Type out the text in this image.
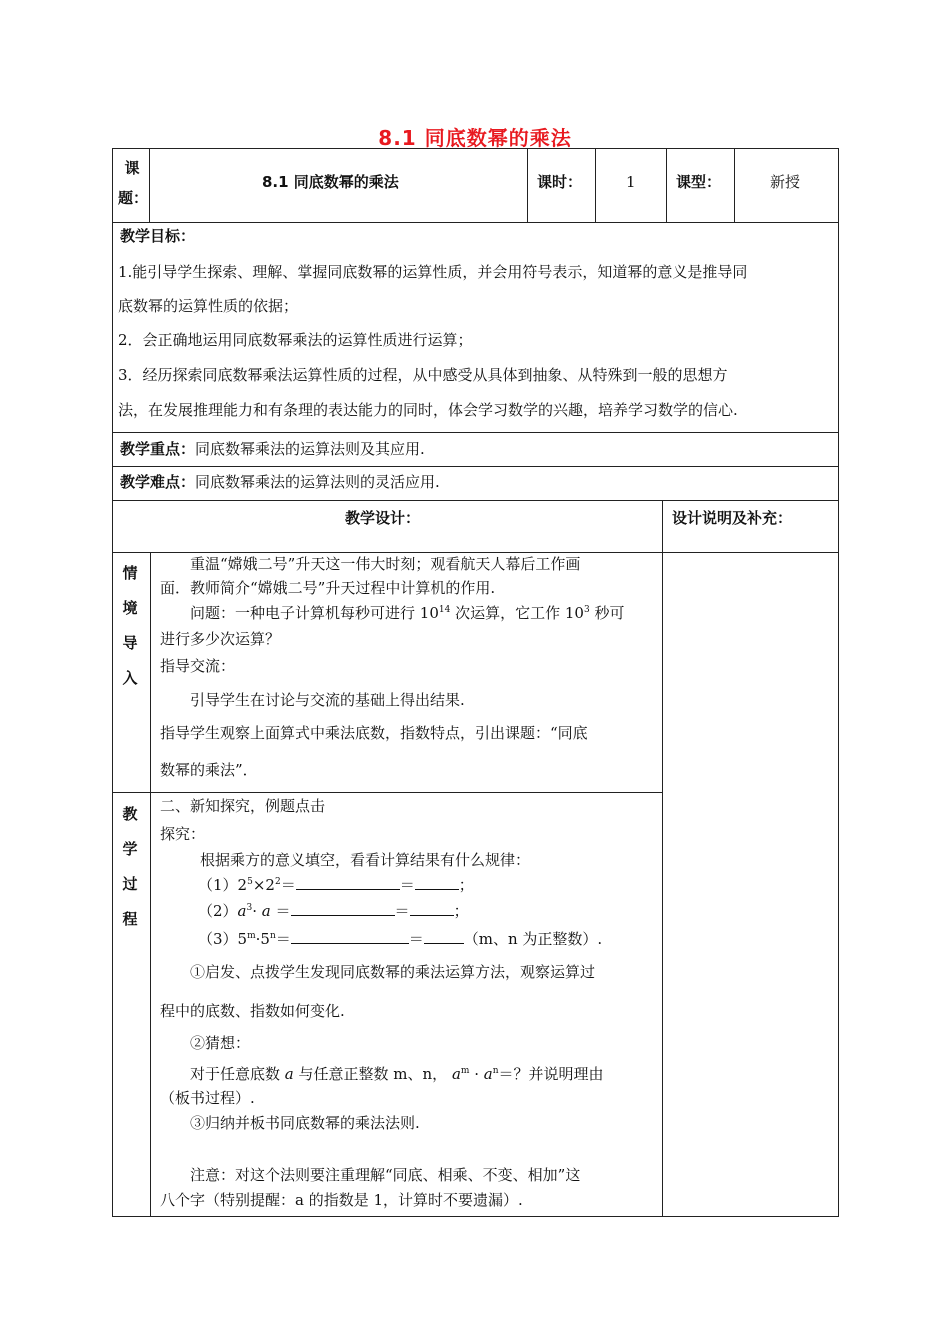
8.1 同底数幂的乘法
课题：
8.1 同底数幂的乘法	课时：	1	课型：	新授
教学目标：
1.能引导学生探索、理解、掌握同底数幂的运算性质，并会用符号表示，知道幂的意义是推导同
底数幂的运算性质的依据；
2．会正确地运用同底数幂乘法的运算性质进行运算；
3．经历探索同底数幂乘法运算性质的过程，从中感受从具体到抽象、从特殊到一般的思想方
法，在发展推理能力和有条理的表达能力的同时，体会学习数学的兴趣，培养学习数学的信心.
教学重点：同底数幂乘法的运算法则及其应用.
教学难点：同底数幂乘法的运算法则的灵活应用.
教学设计：	设计说明及补充：
情境导入
重温“嫦娥二号”升天这一伟大时刻；观看航天人幕后工作画
面．教师简介“嫦娥二号”升天过程中计算机的作用.
问题：一种电子计算机每秒可进行 $10^{14}$ 次运算，它工作 $10^3$ 秒可
进行多少次运算？
指导交流：
引导学生在讨论与交流的基础上得出结果.
指导学生观察上面算式中乘法底数，指数特点，引出课题：“同底
数幂的乘法”．
教学过程
二、新知探究，例题点击
探究：
根据乘方的意义填空，看看计算结果有什么规律：
$(1)2^5\times 2^2=$	＝	；
$(2)a^3\cdot a$ ＝	＝	；
$(3)5^m\cdot 5^n=$	＝	（m、n 为正整数）.
①启发、点拨学生发现同底数幂的乘法运算方法，观察运算过
程中的底数、指数如何变化.
②猜想：
对于任意底数 a 与任意正整数 m、n， $a^m \cdot a^n=$？并说明理由
（板书过程）.
③归纳并板书同底数幂的乘法法则.
注意：对这个法则要注重理解“同底、相乘、不变、相加”这
八个字（特别提醒：a 的指数是 1，计算时不要遗漏）.
